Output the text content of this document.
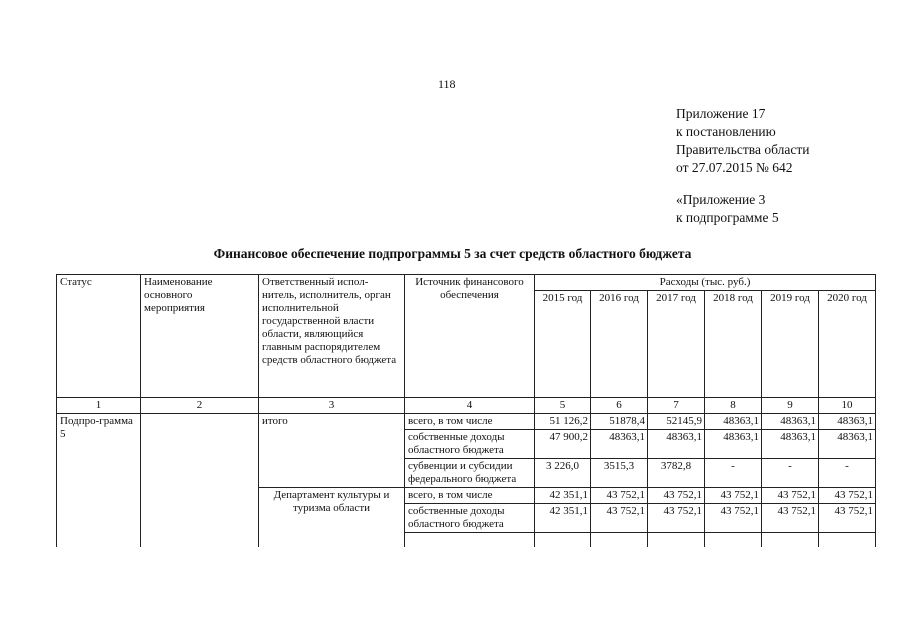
118
Приложение 17
к постановлению
Правительства области
от 27.07.2015 № 642
«Приложение 3
к подпрограмме 5
Финансовое обеспечение подпрограммы 5 за счет средств областного бюджета
Статус	Наименование основного мероприятия	Ответственный испол-нитель, исполнитель, орган исполнительной государственной власти области, являющийся главным распорядителем средств областного бюджета	Источник финансового обеспечения	Расходы (тыс. руб.)					
				2015 год	2016 год	2017 год	2018 год	2019 год	2020 год
1	2	3	4	5	6	7	8	9	10
Подпро-грамма 5		итого	всего, в том числе	51 126,2	51878,4	52145,9	48363,1	48363,1	48363,1
			собственные доходы областного бюджета	47 900,2	48363,1	48363,1	48363,1	48363,1	48363,1
			субвенции и субсидии федерального бюджета	3 226,0	3515,3	3782,8	-	-	-
		Департамент культуры и туризма области	всего, в том числе	42 351,1	43 752,1	43 752,1	43 752,1	43 752,1	43 752,1
			собственные доходы областного бюджета	42 351,1	43 752,1	43 752,1	43 752,1	43 752,1	43 752,1
